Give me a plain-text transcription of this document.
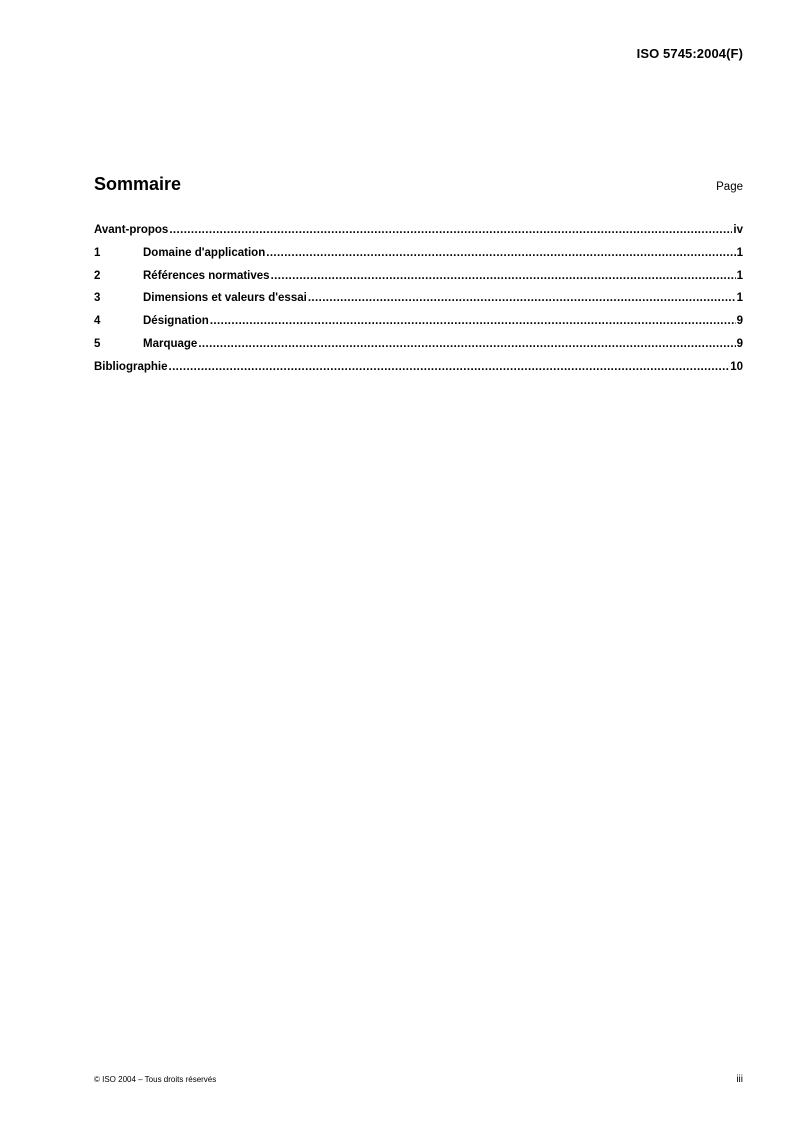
ISO 5745:2004(F)
Sommaire	Page
Avant-propos .....	iv
1	Domaine d'application .....	1
2	Références normatives .....	1
3	Dimensions et valeurs d'essai .....	1
4	Désignation .....	9
5	Marquage .....	9
Bibliographie .....	10
© ISO 2004 – Tous droits réservés	iii
